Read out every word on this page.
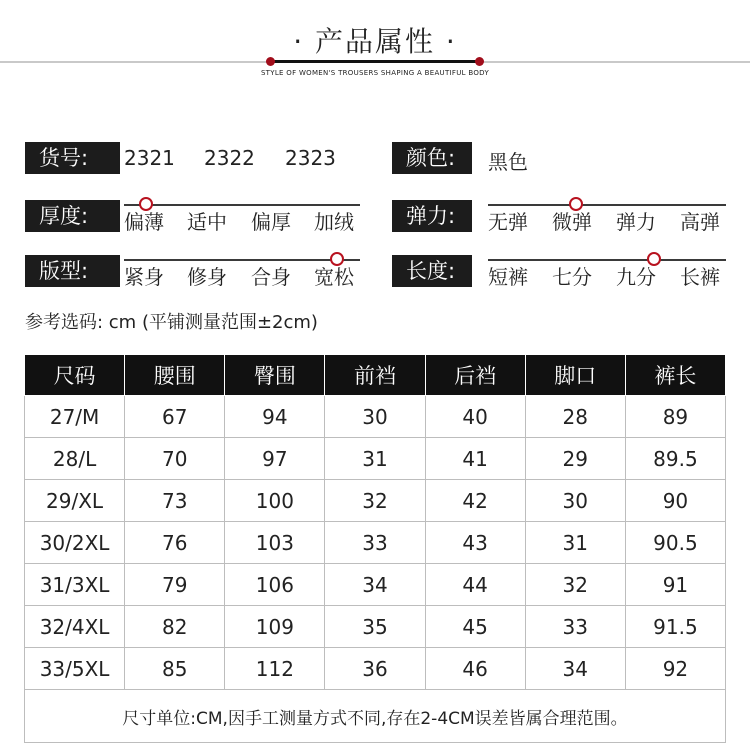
· 产品属性 ·
STYLE OF WOMEN'S TROUSERS SHAPING A BEAUTIFUL BODY
货号:	2321 2322 2323	颜色:	黑色
厚度:	偏薄 适中 偏厚 加绒	弹力:	无弹 微弹 弹力 高弹
版型:	紧身 修身 合身 宽松	长度:	短裤 七分 九分 长裤
参考选码: cm (平铺测量范围±2cm)
尺码	腰围	臀围	前裆	后裆	脚口	裤长
27/M	67	94	30	40	28	89
28/L	70	97	31	41	29	89.5
29/XL	73	100	32	42	30	90
30/2XL	76	103	33	43	31	90.5
31/3XL	79	106	34	44	32	91
32/4XL	82	109	35	45	33	91.5
33/5XL	85	112	36	46	34	92
尺寸单位:CM,因手工测量方式不同,存在2-4CM误差皆属合理范围。						
